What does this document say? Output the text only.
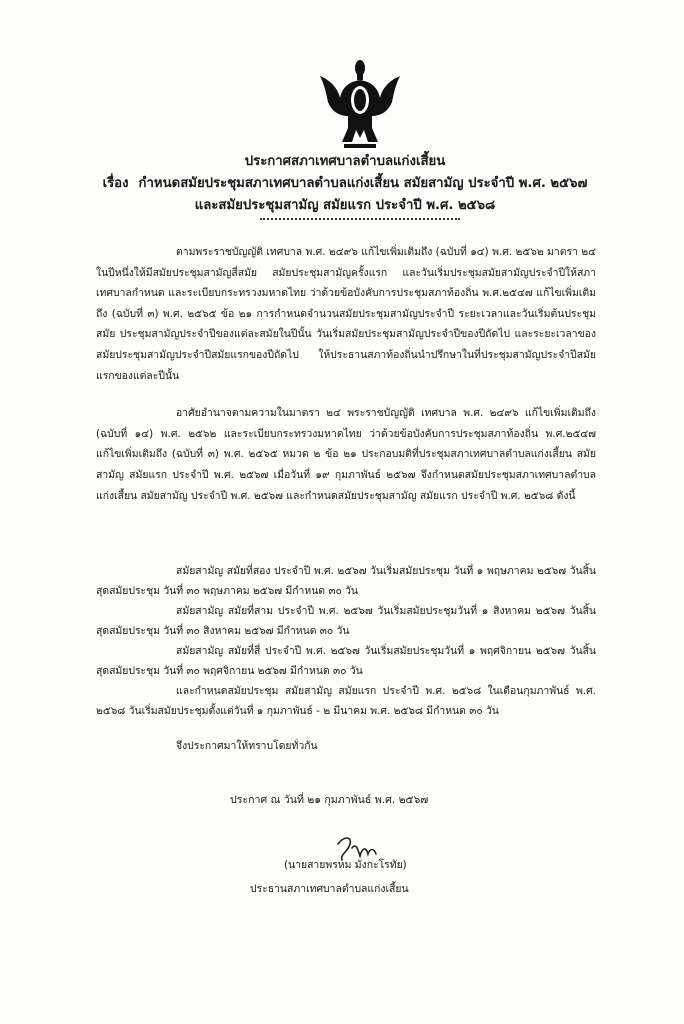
ประกาศสภาเทศบาลตำบลแก่งเสี้ยน
เรื่อง กำหนดสมัยประชุมสภาเทศบาลตำบลแก่งเสี้ยน สมัยสามัญ ประจำปี พ.ศ. ๒๕๖๗
และสมัยประชุมสามัญ สมัยแรก ประจำปี พ.ศ. ๒๕๖๘

ตามพระราชบัญญัติ เทศบาล พ.ศ. ๒๔๙๖ แก้ไขเพิ่มเติมถึง (ฉบับที่ ๑๔) พ.ศ. ๒๕๖๒ มาตรา ๒๔ ในปีหนึ่งให้มีสมัยประชุมสามัญสี่สมัย สมัยประชุมสามัญครั้งแรก และวันเริ่มประชุมสมัยสามัญประจำปีให้สภาเทศบาลกำหนด และระเบียบกระทรวงมหาดไทย ว่าด้วยข้อบังคับการประชุมสภาท้องถิ่น พ.ศ.๒๕๔๗ แก้ไขเพิ่มเติมถึง (ฉบับที่ ๓) พ.ศ. ๒๕๖๕ ข้อ ๒๑ การกำหนดจำนวนสมัยประชุมสามัญประจำปี ระยะเวลาและวันเริ่มต้นประชุมสมัย ประชุมสามัญประจำปีของแต่ละสมัยในปีนั้น วันเริ่มสมัยประชุมสามัญประจำปีของปีถัดไป และระยะเวลาของสมัยประชุมสามัญประจำปีสมัยแรกของปีถัดไป ให้ประธานสภาท้องถิ่นนำปรึกษาในที่ประชุมสามัญประจำปีสมัยแรกของแต่ละปีนั้น

อาศัยอำนาจตามความในมาตรา ๒๔ พระราชบัญญัติ เทศบาล พ.ศ. ๒๔๙๖ แก้ไขเพิ่มเติมถึง (ฉบับที่ ๑๔) พ.ศ. ๒๕๖๒ และระเบียบกระทรวงมหาดไทย ว่าด้วยข้อบังคับการประชุมสภาท้องถิ่น พ.ศ.๒๕๔๗ แก้ไขเพิ่มเติมถึง (ฉบับที่ ๓) พ.ศ. ๒๕๖๕ หมวด ๒ ข้อ ๒๑ ประกอบมติที่ประชุมสภาเทศบาลตำบลแก่งเสี้ยน สมัยสามัญ สมัยแรก ประจำปี พ.ศ. ๒๕๖๗ เมื่อวันที่ ๑๙ กุมภาพันธ์ ๒๕๖๗ จึงกำหนดสมัยประชุมสภาเทศบาลตำบลแก่งเสี้ยน สมัยสามัญ ประจำปี พ.ศ. ๒๕๖๗ และกำหนดสมัยประชุมสามัญ สมัยแรก ประจำปี พ.ศ. ๒๕๖๘ ดังนี้

สมัยสามัญ สมัยที่สอง ประจำปี พ.ศ. ๒๕๖๗ วันเริ่มสมัยประชุม วันที่ ๑ พฤษภาคม ๒๕๖๗ วันสิ้นสุดสมัยประชุม วันที่ ๓๐ พฤษภาคม ๒๕๖๗ มีกำหนด ๓๐ วัน

สมัยสามัญ สมัยที่สาม ประจำปี พ.ศ. ๒๕๖๗ วันเริ่มสมัยประชุมวันที่ ๑ สิงหาคม ๒๕๖๗ วันสิ้นสุดสมัยประชุม วันที่ ๓๐ สิงหาคม ๒๕๖๗ มีกำหนด ๓๐ วัน

สมัยสามัญ สมัยที่สี่ ประจำปี พ.ศ. ๒๕๖๗ วันเริ่มสมัยประชุมวันที่ ๑ พฤศจิกายน ๒๕๖๗ วันสิ้นสุดสมัยประชุม วันที่ ๓๐ พฤศจิกายน ๒๕๖๗ มีกำหนด ๓๐ วัน

และกำหนดสมัยประชุม สมัยสามัญ สมัยแรก ประจำปี พ.ศ. ๒๕๖๘ ในเดือนกุมภาพันธ์ พ.ศ. ๒๕๖๘ วันเริ่มสมัยประชุมตั้งแต่วันที่ ๑ กุมภาพันธ์ - ๒ มีนาคม พ.ศ. ๒๕๖๘ มีกำหนด ๓๐ วัน

จึงประกาศมาให้ทราบโดยทั่วกัน
ประกาศ ณ วันที่ ๒๑ กุมภาพันธ์ พ.ศ. ๒๕๖๗
(นายสายพรหม มังกะโรทัย)
ประธานสภาเทศบาลตำบลแก่งเสี้ยน
